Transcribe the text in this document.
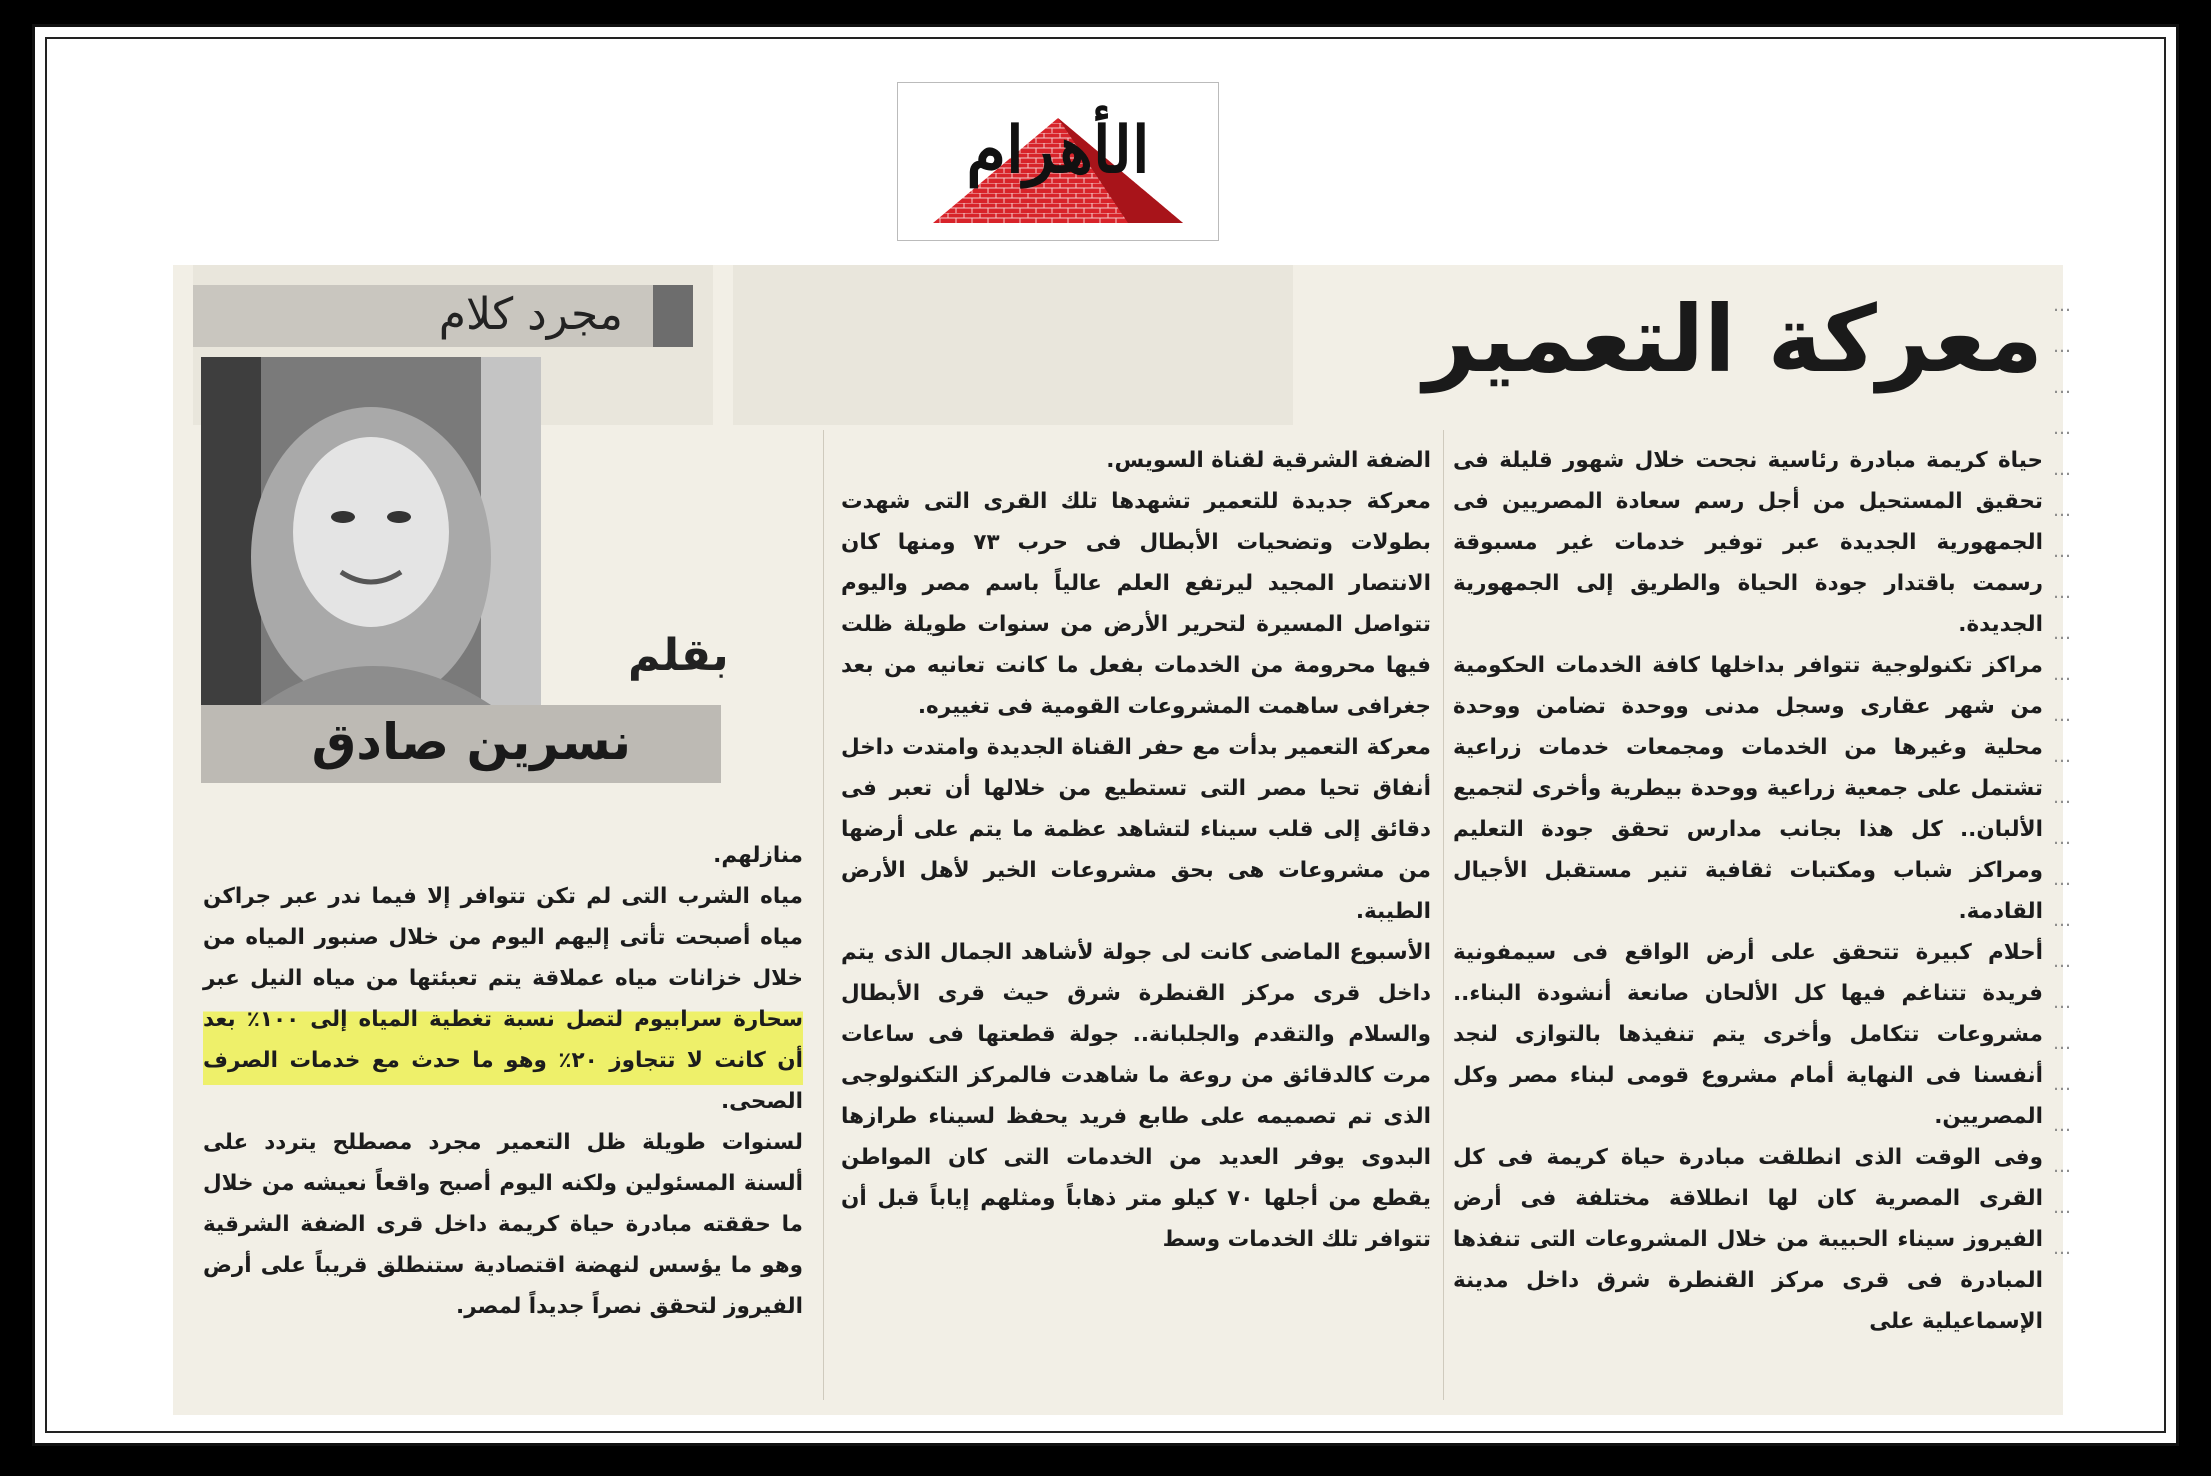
الأهرام
معركة التعمير …
…
…
…
…
…
…
…
…
…
…
…
…
…
…
…
…
…
…
…
…
…
…
…
مجرد كلام
بقلم
نسرين صادق

حياة كريمة مبادرة رئاسية نجحت خلال شهور قليلة فى تحقيق المستحيل من أجل رسم سعادة المصريين فى الجمهورية الجديدة عبر توفير خدمات غير مسبوقة رسمت باقتدار جودة الحياة والطريق إلى الجمهورية الجديدة.

مراكز تكنولوجية تتوافر بداخلها كافة الخدمات الحكومية من شهر عقارى وسجل مدنى ووحدة تضامن ووحدة محلية وغيرها من الخدمات ومجمعات خدمات زراعية تشتمل على جمعية زراعية ووحدة بيطرية وأخرى لتجميع الألبان.. كل هذا بجانب مدارس تحقق جودة التعليم ومراكز شباب ومكتبات ثقافية تنير مستقبل الأجيال القادمة.

أحلام كبيرة تتحقق على أرض الواقع فى سيمفونية فريدة تتناغم فيها كل الألحان صانعة أنشودة البناء.. مشروعات تتكامل وأخرى يتم تنفيذها بالتوازى لنجد أنفسنا فى النهاية أمام مشروع قومى لبناء مصر وكل المصريين.

وفى الوقت الذى انطلقت مبادرة حياة كريمة فى كل القرى المصرية كان لها انطلاقة مختلفة فى أرض الفيروز سيناء الحبيبة من خلال المشروعات التى تنفذها المبادرة فى قرى مركز القنطرة شرق داخل مدينة الإسماعيلية على

الضفة الشرقية لقناة السويس.

معركة جديدة للتعمير تشهدها تلك القرى التى شهدت بطولات وتضحيات الأبطال فى حرب ٧٣ ومنها كان الانتصار المجيد ليرتفع العلم عالياً باسم مصر واليوم تتواصل المسيرة لتحرير الأرض من سنوات طويلة ظلت فيها محرومة من الخدمات بفعل ما كانت تعانيه من بعد جغرافى ساهمت المشروعات القومية فى تغييره.

معركة التعمير بدأت مع حفر القناة الجديدة وامتدت داخل أنفاق تحيا مصر التى تستطيع من خلالها أن تعبر فى دقائق إلى قلب سيناء لتشاهد عظمة ما يتم على أرضها من مشروعات هى بحق مشروعات الخير لأهل الأرض الطيبة.

الأسبوع الماضى كانت لى جولة لأشاهد الجمال الذى يتم داخل قرى مركز القنطرة شرق حيث قرى الأبطال والسلام والتقدم والجلبانة.. جولة قطعتها فى ساعات مرت كالدقائق من روعة ما شاهدت فالمركز التكنولوجى الذى تم تصميمه على طابع فريد يحفظ لسيناء طرازها البدوى يوفر العديد من الخدمات التى كان المواطن يقطع من أجلها ٧٠ كيلو متر ذهاباً ومثلهم إياباً قبل أن تتوافر تلك الخدمات وسط

منازلهم.

مياه الشرب التى لم تكن تتوافر إلا فيما ندر عبر جراكن مياه أصبحت تأتى إليهم اليوم من خلال صنبور المياه من خلال خزانات مياه عملاقة يتم تعبئتها من مياه النيل عبر سحارة سرابيوم لتصل نسبة تغطية المياه إلى ١٠٠٪ بعد أن كانت لا تتجاوز ٢٠٪ وهو ما حدث مع خدمات الصرف الصحى.

لسنوات طويلة ظل التعمير مجرد مصطلح يتردد على ألسنة المسئولين ولكنه اليوم أصبح واقعاً نعيشه من خلال ما حققته مبادرة حياة كريمة داخل قرى الضفة الشرقية وهو ما يؤسس لنهضة اقتصادية ستنطلق قريباً على أرض الفيروز لتحقق نصراً جديداً لمصر.
